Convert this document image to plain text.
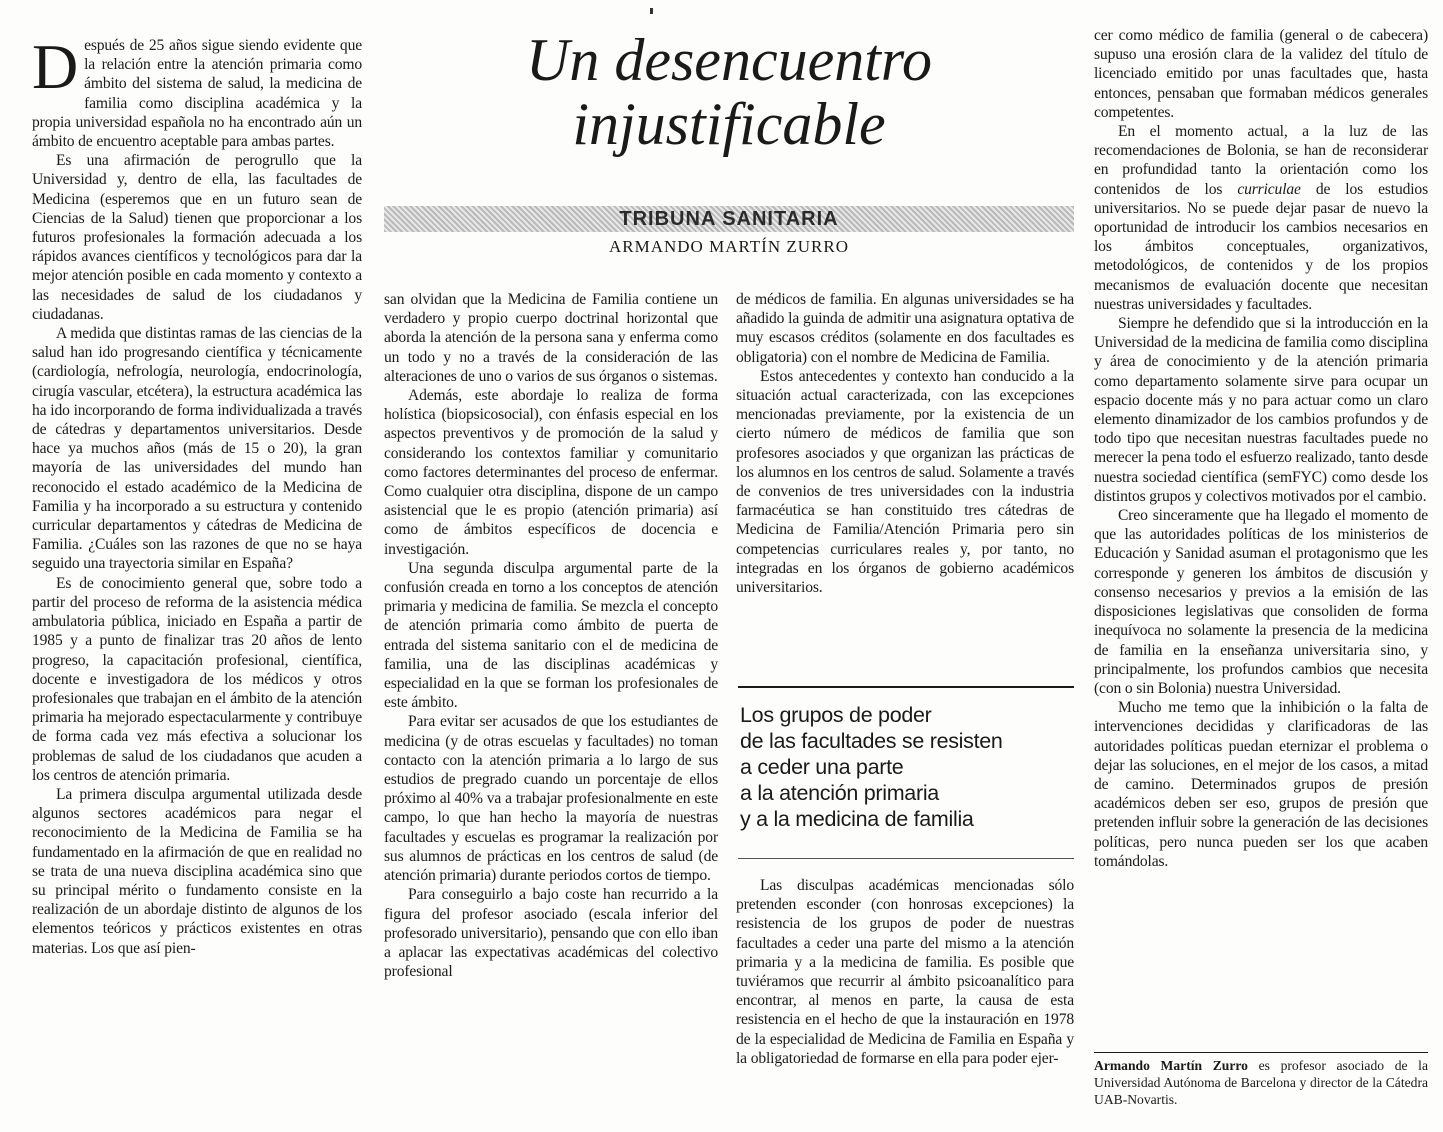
Un desencuentro
injustificable
TRIBUNA SANITARIA
ARMANDO MARTÍN ZURRO

Después de 25 años sigue siendo evidente que la relación entre la atención primaria como ámbito del sistema de salud, la medicina de familia como disciplina académica y la propia universidad española no ha encontrado aún un ámbito de encuentro aceptable para ambas partes.

Es una afirmación de perogrullo que la Universidad y, dentro de ella, las facultades de Medicina (esperemos que en un futuro sean de Ciencias de la Salud) tienen que proporcionar a los futuros profesionales la formación adecuada a los rápidos avances científicos y tecnológicos para dar la mejor atención posible en cada momento y contexto a las necesidades de salud de los ciudadanos y ciudadanas.

A medida que distintas ramas de las ciencias de la salud han ido progresando científica y técnicamente (cardiología, nefrología, neurología, endocrinología, cirugía vascular, etcétera), la estructura académica las ha ido incorporando de forma individualizada a través de cátedras y departamentos universitarios. Desde hace ya muchos años (más de 15 o 20), la gran mayoría de las universidades del mundo han reconocido el estado académico de la Medicina de Familia y ha incorporado a su estructura y contenido curricular departamentos y cátedras de Medicina de Familia. ¿Cuáles son las razones de que no se haya seguido una trayectoria similar en España?

Es de conocimiento general que, sobre todo a partir del proceso de reforma de la asistencia médica ambulatoria pública, iniciado en España a partir de 1985 y a punto de finalizar tras 20 años de lento progreso, la capacitación profesional, científica, docente e investigadora de los médicos y otros profesionales que trabajan en el ámbito de la atención primaria ha mejorado espectacularmente y contribuye de forma cada vez más efectiva a solucionar los problemas de salud de los ciudadanos que acuden a los centros de atención primaria.

La primera disculpa argumental utilizada desde algunos sectores académicos para negar el reconocimiento de la Medicina de Familia se ha fundamentado en la afirmación de que en realidad no se trata de una nueva disciplina académica sino que su principal mérito o fundamento consiste en la realización de un abordaje distinto de algunos de los elementos teóricos y prácticos existentes en otras materias. Los que así pien-

san olvidan que la Medicina de Familia contiene un verdadero y propio cuerpo doctrinal horizontal que aborda la atención de la persona sana y enferma como un todo y no a través de la consideración de las alteraciones de uno o varios de sus órganos o sistemas.

Además, este abordaje lo realiza de forma holística (biopsicosocial), con énfasis especial en los aspectos preventivos y de promoción de la salud y considerando los contextos familiar y comunitario como factores determinantes del proceso de enfermar. Como cualquier otra disciplina, dispone de un campo asistencial que le es propio (atención primaria) así como de ámbitos específicos de docencia e investigación.

Una segunda disculpa argumental parte de la confusión creada en torno a los conceptos de atención primaria y medicina de familia. Se mezcla el concepto de atención primaria como ámbito de puerta de entrada del sistema sanitario con el de medicina de familia, una de las disciplinas académicas y especialidad en la que se forman los profesionales de este ámbito.

Para evitar ser acusados de que los estudiantes de medicina (y de otras escuelas y facultades) no toman contacto con la atención primaria a lo largo de sus estudios de pregrado cuando un porcentaje de ellos próximo al 40% va a trabajar profesionalmente en este campo, lo que han hecho la mayoría de nuestras facultades y escuelas es programar la realización por sus alumnos de prácticas en los centros de salud (de atención primaria) durante periodos cortos de tiempo.

Para conseguirlo a bajo coste han recurrido a la figura del profesor asociado (escala inferior del profesorado universitario), pensando que con ello iban a aplacar las expectativas académicas del colectivo profesional

de médicos de familia. En algunas universidades se ha añadido la guinda de admitir una asignatura optativa de muy escasos créditos (solamente en dos facultades es obligatoria) con el nombre de Medicina de Familia.

Estos antecedentes y contexto han conducido a la situación actual caracterizada, con las excepciones mencionadas previamente, por la existencia de un cierto número de médicos de familia que son profesores asociados y que organizan las prácticas de los alumnos en los centros de salud. Solamente a través de convenios de tres universidades con la industria farmacéutica se han constituido tres cátedras de Medicina de Familia/Atención Primaria pero sin competencias curriculares reales y, por tanto, no integradas en los órganos de gobierno académicos universitarios.

Los grupos de poder
de las facultades se resisten
a ceder una parte
a la atención primaria
y a la medicina de familia

Las disculpas académicas mencionadas sólo pretenden esconder (con honrosas excepciones) la resistencia de los grupos de poder de nuestras facultades a ceder una parte del mismo a la atención primaria y a la medicina de familia. Es posible que tuviéramos que recurrir al ámbito psicoanalítico para encontrar, al menos en parte, la causa de esta resistencia en el hecho de que la instauración en 1978 de la especialidad de Medicina de Familia en España y la obligatoriedad de formarse en ella para poder ejer-

cer como médico de familia (general o de cabecera) supuso una erosión clara de la validez del título de licenciado emitido por unas facultades que, hasta entonces, pensaban que formaban médicos generales competentes.

En el momento actual, a la luz de las recomendaciones de Bolonia, se han de reconsiderar en profundidad tanto la orientación como los contenidos de los curriculae de los estudios universitarios. No se puede dejar pasar de nuevo la oportunidad de introducir los cambios necesarios en los ámbitos conceptuales, organizativos, metodológicos, de contenidos y de los propios mecanismos de evaluación docente que necesitan nuestras universidades y facultades.

Siempre he defendido que si la introducción en la Universidad de la medicina de familia como disciplina y área de conocimiento y de la atención primaria como departamento solamente sirve para ocupar un espacio docente más y no para actuar como un claro elemento dinamizador de los cambios profundos y de todo tipo que necesitan nuestras facultades puede no merecer la pena todo el esfuerzo realizado, tanto desde nuestra sociedad científica (semFYC) como desde los distintos grupos y colectivos motivados por el cambio.

Creo sinceramente que ha llegado el momento de que las autoridades políticas de los ministerios de Educación y Sanidad asuman el protagonismo que les corresponde y generen los ámbitos de discusión y consenso necesarios y previos a la emisión de las disposiciones legislativas que consoliden de forma inequívoca no solamente la presencia de la medicina de familia en la enseñanza universitaria sino, y principalmente, los profundos cambios que necesita (con o sin Bolonia) nuestra Universidad.

Mucho me temo que la inhibición o la falta de intervenciones decididas y clarificadoras de las autoridades políticas puedan eternizar el problema o dejar las soluciones, en el mejor de los casos, a mitad de camino. Determinados grupos de presión académicos deben ser eso, grupos de presión que pretenden influir sobre la generación de las decisiones políticas, pero nunca pueden ser los que acaben tomándolas.

Armando Martín Zurro es profesor asociado de la Universidad Autónoma de Barcelona y director de la Cátedra UAB-Novartis.
